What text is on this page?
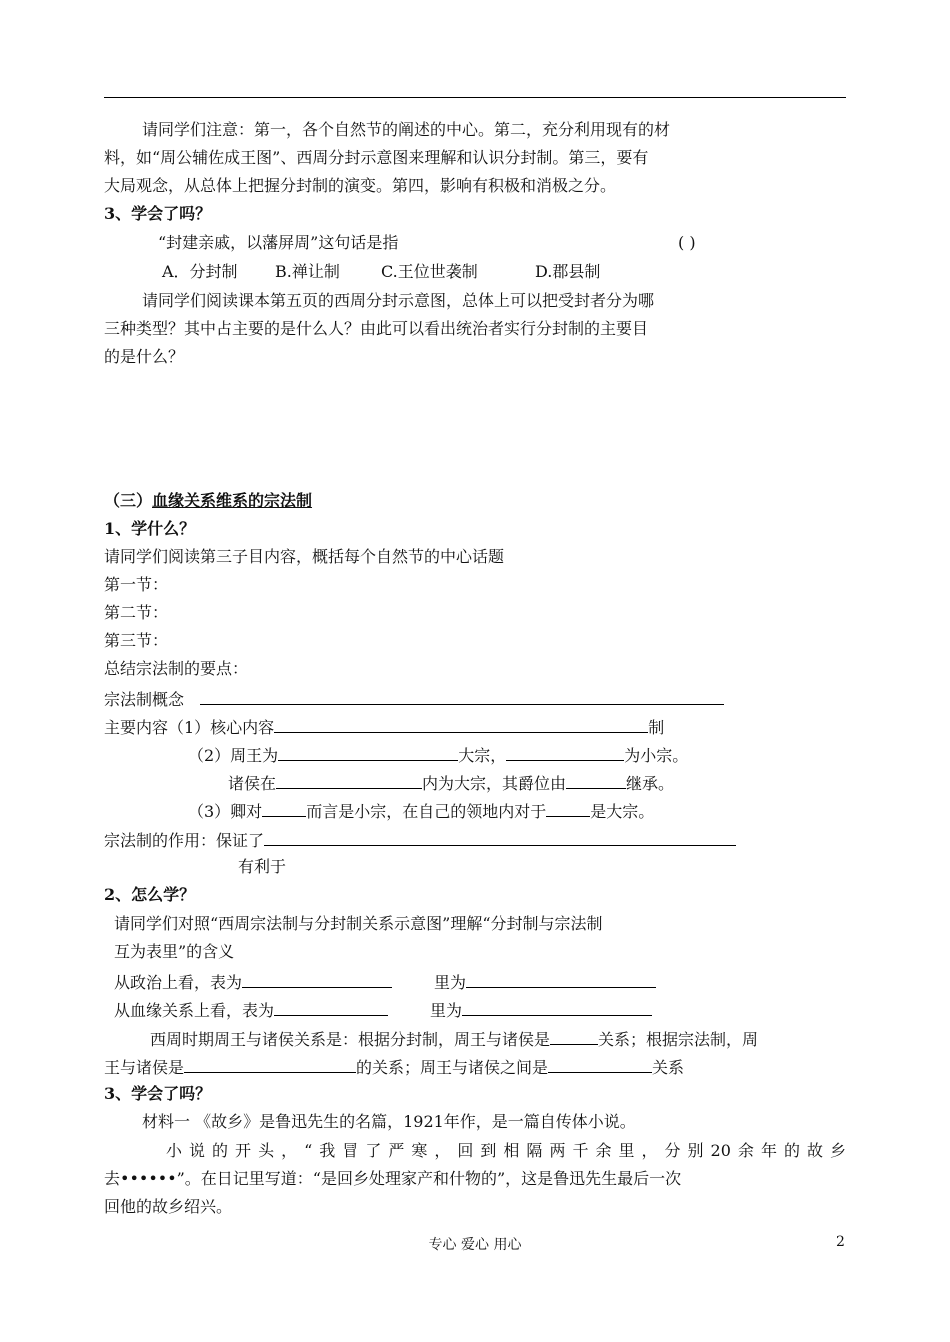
请同学们注意：第一，各个自然节的阐述的中心。第二，充分利用现有的材
料，如“周公辅佐成王图”、西周分封示意图来理解和认识分封制。第三，要有
大局观念，从总体上把握分封制的演变。第四，影响有积极和消极之分。
3、学会了吗？
“封建亲戚，以藩屏周”这句话是指	( )
A．分封制 B.禅让制	C.王位世袭制	D.郡县制
请同学们阅读课本第五页的西周分封示意图，总体上可以把受封者分为哪
三种类型？其中占主要的是什么人？由此可以看出统治者实行分封制的主要目
的是什么？
（三）血缘关系维系的宗法制
1、学什么？
请同学们阅读第三子目内容，概括每个自然节的中心话题
第一节：
第二节：
第三节：
总结宗法制的要点：
宗法制概念
主要内容（1）核心内容	制
（2）周王为	大宗，	为小宗。
诸侯在	内为大宗，其爵位由	继承。
（3）卿对	而言是小宗，在自己的领地内对于	是大宗。
宗法制的作用：保证了
有利于
2、怎么学？
请同学们对照“西周宗法制与分封制关系示意图”理解“分封制与宗法制
互为表里”的含义
从政治上看，表为	里为
从血缘关系上看，表为	里为
西周时期周王与诸侯关系是：根据分封制，周王与诸侯是	关系；根据宗法制，周
王与诸侯是	的关系；周王与诸侯之间是	关系
3、学会了吗？
材料一 《故乡》是鲁迅先生的名篇，1921年作，是一篇自传体小说。
小说的开头，“我冒了严寒，回到相隔两千余里，分别20余年的故乡
去••••••”。在日记里写道：“是回乡处理家产和什物的”，这是鲁迅先生最后一次
回他的故乡绍兴。
专心 爱心 用心	2
